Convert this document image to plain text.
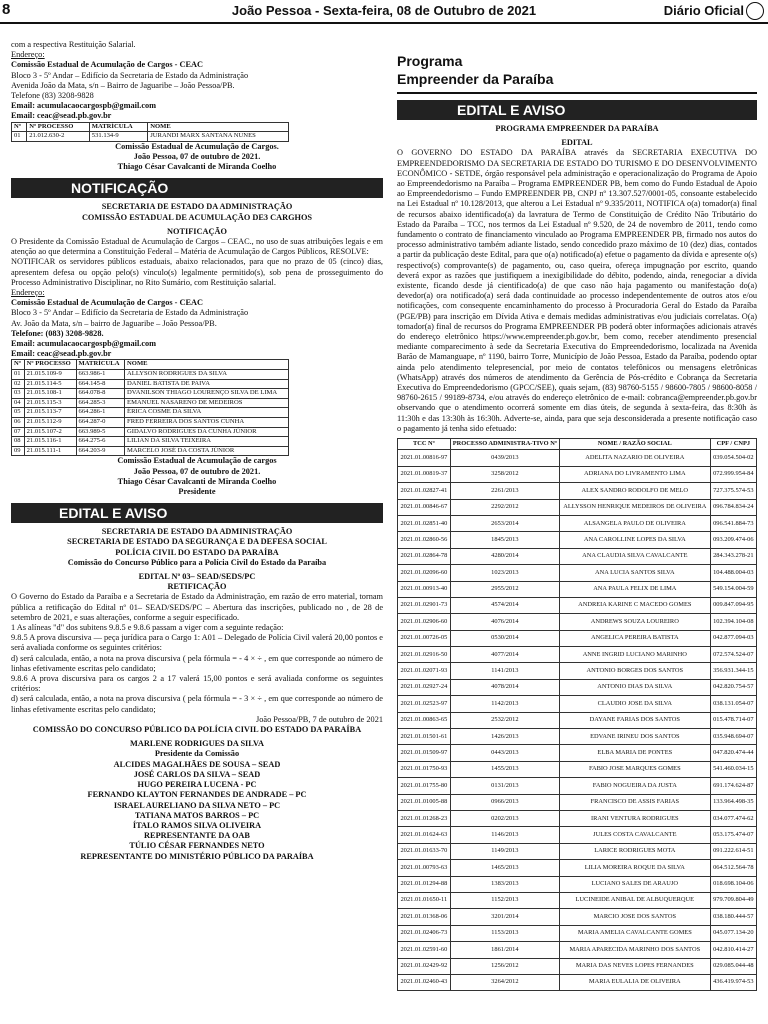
8	João Pessoa - Sexta-feira, 08 de Outubro de 2021	Diário Oficial

com a respectiva Restituição Salarial.

Endereço:

Comissão Estadual de Acumulação de Cargos - CEAC

Bloco 3 - 5º Andar – Edifício da Secretaria de Estado da Administração

Avenida João da Mata, s/n – Bairro de Jaguaribe – João Pessoa/PB.

Telefone (83) 3208-9828

Email: acumulacaocargospb@gmail.com

Email: ceac@sead.pb.gov.br

Nº	Nº PROCESSO	MATRÍCULA	NOME
01	21.012.630-2	531.134-9	JURANDI MARX SANTANA NUNES

Comissão Estadual de Acumulação de Cargos.

João Pessoa, 07 de outubro de 2021.

Thiago César Cavalcanti de Miranda Coelho

NOTIFICAÇÃO

SECRETARIA DE ESTADO DA ADMINISTRAÇÃO

COMISSÃO ESTADUAL DE ACUMULAÇÃO DE3 CARGHOS

NOTIFICAÇÃO

O Presidente da Comissão Estadual de Acumulação de Cargos – CEAC., no uso de suas atribuições legais e em atenção ao que determina a Constituição Federal – Matéria de Acumulação de Cargos Públicos, RESOLVE:

NOTIFICAR os servidores públicos estaduais, abaixo relacionados, para que no prazo de 05 (cinco) dias, apresentem defesa ou opção pelo(s) vínculo(s) legalmente permitido(s), sob pena de prosseguimento do Processo Administrativo Disciplinar, no Rito Sumário, com Restituição salarial.

Endereço:

Comissão Estadual de Acumulação de Cargos - CEAC

Bloco 3 - 5º Andar – Edifício da Secretaria de Estado da Administração

Av. João da Mata, s/n – bairro de Jaguaribe – João Pessoa/PB.

Telefone: (083) 3208-9828.

Email: acumulacaocargospb@gmail.com

Email: ceac@sead.pb.gov.br

Nº	Nº PROCESSO	MATRÍCULA	NOME
01	21.015.109-9	663.986-1	ALLYSON RODRIGUES DA SILVA
02	21.015.114-5	664.145-8	DANIEL BATISTA DE PAIVA
03	21.015.108-1	664.078-8	DVANILSON THIAGO LOURENÇO SILVA DE LIMA
04	21.015.115-3	664.285-3	EMANUEL NASARENO DE MEDEIROS
05	21.015.113-7	664.286-1	ÉRICA COSME DA SILVA
06	21.015.112-9	664.287-0	FRED FERREIRA DOS SANTOS CUNHA
07	21.015.107-2	663.989-5	GIDALVO RODRIGUES DA CUNHA JÚNIOR
08	21.015.116-1	664.275-6	LILIAN DA SILVA TEIXEIRA
09	21.015.111-1	664.203-9	MARCELO JOSÉ DA COSTA JÚNIOR

Comissão Estadual de Acumulação de cargos

João Pessoa, 07 de outubro de 2021.

Thiago César Cavalcanti de Miranda Coelho

Presidente

EDITAL E AVISO

SECRETARIA DE ESTADO DA ADMINISTRAÇÃO

SECRETARIA DE ESTADO DA SEGURANÇA E DA DEFESA SOCIAL

POLÍCIA CIVIL DO ESTADO DA PARAÍBA

Comissão do Concurso Público para a Polícia Civil do Estado da Paraíba

EDITAL Nº 03– SEAD/SEDS/PC

RETIFICAÇÃO

O Governo do Estado da Paraíba e a Secretaria de Estado da Administração, em razão de erro material, tornam pública a retificação do Edital nº 01– SEAD/SEDS/PC – Abertura das inscrições, publicado no , de 28 de setembro de 2021, e suas alterações, conforme a seguir especificado.

1 As alíneas "d" dos subitens 9.8.5 e 9.8.6 passam a viger com a seguinte redação:

9.8.5 A prova discursiva — peça jurídica para o Cargo 1: A01 – Delegado de Polícia Civil valerá 20,00 pontos e será avaliada conforme os seguintes critérios:

d) será calculada, então, a nota na prova discursiva ( pela fórmula = - 4 × ÷ , em que corresponde ao número de linhas efetivamente escritas pelo candidato;

9.8.6 A prova discursiva para os cargos 2 a 17 valerá 15,00 pontos e será avaliada conforme os seguintes critérios:

d) será calculada, então, a nota na prova discursiva ( pela fórmula = - 3 × ÷ , em que corresponde ao número de linhas efetivamente escritas pelo candidato;

João Pessoa/PB, 7 de outubro de 2021

COMISSÃO DO CONCURSO PÚBLICO DA POLÍCIA CIVIL DO ESTADO DA PARAÍBA

MARLENE RODRIGUES DA SILVA

Presidente da Comissão

ALCIDES MAGALHÃES DE SOUSA – SEAD

JOSÉ CARLOS DA SILVA – SEAD

HUGO PEREIRA LUCENA - PC

FERNANDO KLAYTON FERNANDES DE ANDRADE – PC

ISRAEL AURELIANO DA SILVA NETO – PC

TATIANA MATOS BARROS – PC

ÍTALO RAMOS SILVA OLIVEIRA

REPRESENTANTE DA OAB

TÚLIO CÉSAR FERNANDES NETO

REPRESENTANTE DO MINISTÉRIO PÚBLICO DA PARAÍBA

Programa
Empreender da Paraíba
EDITAL E AVISO

PROGRAMA EMPREENDER DA PARAÍBA

EDITAL

O GOVERNO DO ESTADO DA PARAÍBA através da SECRETARIA EXECUTIVA DO EMPREENDEDORISMO DA SECRETARIA DE ESTADO DO TURISMO E DO DESENVOLVIMENTO ECONÔMICO - SETDE, órgão responsável pela administração e operacionalização do Programa de Apoio ao Empreendedorismo na Paraíba – Programa EMPREENDER PB, bem como do Fundo Estadual de Apoio ao Empreendedorismo – Fundo EMPREENDER PB, CNPJ nº 13.307.527/0001-05, consoante estabelecido na Lei Estadual nº 10.128/2013, que alterou a Lei Estadual nº 9.335/2011, NOTIFICA o(a) tomador(a) final de recursos abaixo identificado(a) da lavratura de Termo de Constituição de Crédito Não Tributário do Estado da Paraíba – TCC, nos termos da Lei Estadual nº 9.520, de 24 de novembro de 2011, tendo como fundamento o contrato de financiamento vinculado ao Programa EMPREENDER PB, firmado nos autos do processo administrativo também adiante listado, sendo concedido prazo máximo de 10 (dez) dias, contados a partir da publicação deste Edital, para que o(a) notificado(a) efetue o pagamento da dívida e apresente o(s) respectivo(s) comprovante(s) de pagamento, ou, caso queira, ofereça impugnação por escrito, quando deverá expor as razões que justifiquem a inexigibilidade do débito, podendo, ainda, renegociar a dívida existente, ficando desde já cientificado(a) de que caso não haja pagamento ou manifestação do(a) devedor(a) ora notificado(a) será dada continuidade ao processo independentemente de outros atos e/ou notificações, com consequente encaminhamento do processo à Procuradoria Geral do Estado da Paraíba (PGE/PB) para inscrição em Dívida Ativa e demais medidas administrativas e/ou judiciais correlatas. O(a) tomador(a) final de recursos do Programa EMPREENDER PB poderá obter informações adicionais através do endereço eletrônico https://www.empreender.pb.gov.br, bem como, receber atendimento presencial mediante comparecimento à sede da Secretaria Executiva do Empreendedorismo, localizada na Avenida Barão de Mamanguape, nº 1190, bairro Torre, Município de João Pessoa, Estado da Paraíba, podendo optar ainda pelo atendimento telepresencial, por meio de contatos telefônicos ou mensagens eletrônicas (WhatsApp) através dos números de atendimento da Gerência de Pós-crédito e Cobrança da Secretaria Executiva do Empreendedorismo (GPCC/SEE), quais sejam, (83) 98760-5155 / 98600-7805 / 98600-8058 / 98760-2615 / 99189-8734, e/ou através do endereço eletrônico de e-mail: cobranca@empreender.pb.gov.br observando que o atendimento ocorrerá somente em dias úteis, de segunda à sexta-feira, das 8:30h às 11:30h e das 13:30h às 16:30h. Adverte-se, ainda, para que seja desconsiderada a presente notificação caso o pagamento já tenha sido efetuado:

TCC Nº	PROCESSO ADMINISTRA-TIVO Nº	NOME / RAZÃO SOCIAL	CPF / CNPJ
2021.01.00816-97	0439/2013	ADELITA NAZARIO DE OLIVEIRA	039.054.504-02
2021.01.00819-37	3258/2012	ADRIANA DO LIVRAMENTO LIMA	072.999.954-84
2021.01.02827-41	2261/2013	ALEX SANDRO RODOLFO DE MELO	727.375.574-53
2021.01.00846-67	2292/2012	ALLYSSON HENRIQUE MEDEIROS DE OLIVEIRA	096.784.834-24
2021.01.02851-40	2653/2014	ALSANGELA PAULO DE OLIVEIRA	096.541.884-73
2021.01.02860-56	1845/2013	ANA CAROLLINE LOPES DA SILVA	093.209.474-06
2021.01.02864-78	4280/2014	ANA CLAUDIA SILVA CAVALCANTE	284.343.278-21
2021.01.02096-60	1023/2013	ANA LUCIA SANTOS SILVA	104.488.004-03
2021.01.00913-40	2955/2012	ANA PAULA FELIX DE LIMA	549.154.004-59
2021.01.02901-73	4574/2014	ANDREIA KARINE C MACEDO GOMES	009.847.094-95
2021.01.02906-60	4076/2014	ANDREWS SOUZA LOUREIRO	102.394.104-08
2021.01.00726-05	0530/2014	ANGELICA PEREIRA BATISTA	042.877.094-03
2021.01.02916-50	4077/2014	ANNE INGRID LUCIANO MARINHO	072.574.524-07
2021.01.02071-93	1141/2013	ANTONIO BORGES DOS SANTOS	356.931.344-15
2021.01.02927-24	4078/2014	ANTONIO DIAS DA SILVA	042.820.754-57
2021.01.02523-97	1142/2013	CLAUDIO JOSE DA SILVA	038.131.054-07
2021.01.00863-65	2532/2012	DAYANE FARIAS DOS SANTOS	015.478.714-07
2021.01.01501-61	1426/2013	EDVANE IRINEU DOS SANTOS	035.948.694-07
2021.01.01509-97	0443/2013	ELBA MARIA DE PONTES	047.820.474-44
2021.01.01750-93	1455/2013	FABIO JOSE MARQUES GOMES	541.460.034-15
2021.01.01755-80	0131/2013	FABIO NOGUEIRA DA JUSTA	691.174.624-87
2021.01.01005-88	0966/2013	FRANCISCO DE ASSIS FARIAS	133.964.498-35
2021.01.01268-23	0202/2013	IRANI VENTURA RODRIGUES	034.077.474-62
2021.01.01624-63	1146/2013	JULES COSTA CAVALCANTE	053.175.474-07
2021.01.01633-70	1149/2013	LARICE RODRIGUES MOTA	091.222.614-51
2021.01.00793-63	1465/2013	LILIA MOREIRA ROQUE DA SILVA	064.512.564-78
2021.01.01294-88	1383/2013	LUCIANO SALES DE ARAUJO	018.698.104-06
2021.01.01650-11	1152/2013	LUCINEIDE ANIBAL DE ALBUQUERQUE	979.709.804-49
2021.01.01368-06	3201/2014	MARCIO JOSE DOS SANTOS	038.180.444-57
2021.01.02406-73	1153/2013	MARIA AMELIA CAVALCANTE GOMES	045.077.134-20
2021.01.02591-60	1861/2014	MARIA APARECIDA MARINHO DOS SANTOS	042.810.414-27
2021.01.02429-92	1256/2012	MARIA DAS NEVES LOPES FERNANDES	029.085.044-48
2021.01.02460-43	3264/2012	MARIA EULALIA DE OLIVEIRA	436.419.974-53
